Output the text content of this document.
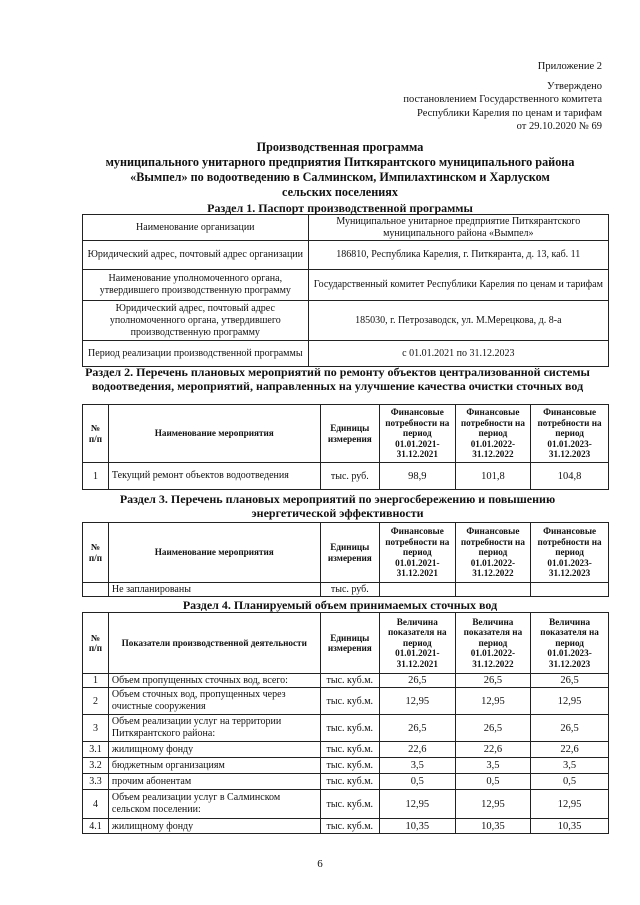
Приложение 2
Утверждено
постановлением Государственного комитета
Республики Карелия по ценам и тарифам
от 29.10.2020 № 69
Производственная программа
муниципального унитарного предприятия Питкярантского муниципального района
«Вымпел» по водоотведению в Салминском, Импилахтинском и Харлуском
сельских поселениях
Раздел 1. Паспорт производственной программы
Наименование организации	Муниципальное унитарное предприятие Питкярантского муниципального района «Вымпел»
Юридический адрес, почтовый адрес организации	186810, Республика Карелия, г. Питкяранта, д. 13, каб. 11
Наименование уполномоченного органа, утвердившего производственную программу	Государственный комитет Республики Карелия по ценам и тарифам
Юридический адрес, почтовый адрес уполномоченного органа, утвердившего производственную программу	185030, г. Петрозаводск, ул. М.Мерецкова, д. 8-а
Период реализации производственной программы	с 01.01.2021 по 31.12.2023
Раздел 2. Перечень плановых мероприятий по ремонту объектов централизованной системы водоотведения, мероприятий, направленных на улучшение качества очистки сточных вод
№ п/п	Наименование мероприятия	Единицы измерения	Финансовые потребности на период 01.01.2021-31.12.2021	Финансовые потребности на период 01.01.2022-31.12.2022	Финансовые потребности на период 01.01.2023-31.12.2023
1	Текущий ремонт объектов водоотведения	тыс. руб.	98,9	101,8	104,8
Раздел 3. Перечень плановых мероприятий по энергосбережению и повышению энергетической эффективности
№ п/п	Наименование мероприятия	Единицы измерения	Финансовые потребности на период 01.01.2021-31.12.2021	Финансовые потребности на период 01.01.2022-31.12.2022	Финансовые потребности на период 01.01.2023-31.12.2023
	Не запланированы	тыс. руб.			
Раздел 4. Планируемый объем принимаемых сточных вод
№ п/п	Показатели производственной деятельности	Единицы измерения	Величина показателя на период 01.01.2021-31.12.2021	Величина показателя на период 01.01.2022-31.12.2022	Величина показателя на период 01.01.2023-31.12.2023
1	Объем пропущенных сточных вод, всего:	тыс. куб.м.	26,5	26,5	26,5
2	Объем сточных вод, пропущенных через очистные сооружения	тыс. куб.м.	12,95	12,95	12,95
3	Объем реализации услуг на территории Питкярантского района:	тыс. куб.м.	26,5	26,5	26,5
3.1	жилищному фонду	тыс. куб.м.	22,6	22,6	22,6
3.2	бюджетным организациям	тыс. куб.м.	3,5	3,5	3,5
3.3	прочим абонентам	тыс. куб.м.	0,5	0,5	0,5
4	Объем реализации услуг в Салминском сельском поселении:	тыс. куб.м.	12,95	12,95	12,95
4.1	жилищному фонду	тыс. куб.м.	10,35	10,35	10,35
6
